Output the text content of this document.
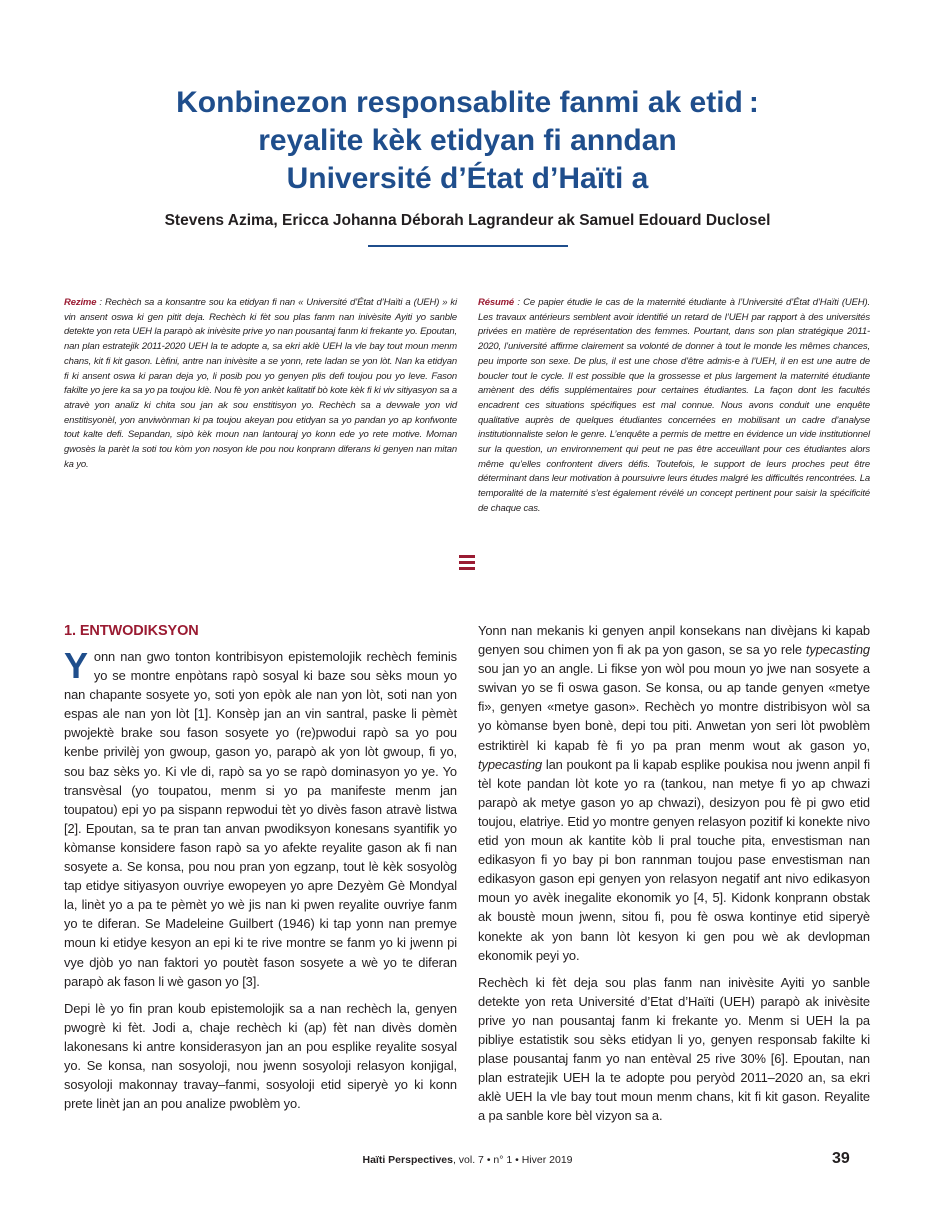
Konbinezon responsablite fanmi ak etid :
reyalite kèk etidyan fi anndan
Université d’État d’Haïti a
Stevens Azima, Ericca Johanna Déborah Lagrandeur ak Samuel Edouard Duclosel
Rezime : Rechèch sa a konsantre sou ka etidyan fi nan « Université d’État d’Haïti a (UEH) » ki vin ansent oswa ki gen pitit deja. Rechèch ki fèt sou plas fanm nan inivèsite Ayiti yo sanble detekte yon reta UEH la parapò ak inivèsite prive yo nan pousantaj fanm ki frekante yo. Epoutan, nan plan estratejik 2011-2020 UEH la te adopte a, sa ekri aklè UEH la vle bay tout moun menm chans, kit fi kit gason. Lèfini, antre nan inivèsite a se yonn, rete ladan se yon lòt. Nan ka etidyan fi ki ansent oswa ki paran deja yo, li posib pou yo genyen plis defi toujou pou yo leve. Fason fakilte yo jere ka sa yo pa toujou klè. Nou fè yon ankèt kalitatif bò kote kèk fi ki viv sitiyasyon sa a atravè yon analiz ki chita sou jan ak sou enstitisyon yo. Rechèch sa a devwale yon vid enstitisyonèl, yon anviwònman ki pa toujou akeyan pou etidyan sa yo pandan yo ap konfwonte tout kalte defi. Sepandan, sipò kèk moun nan lantouraj yo konn ede yo rete motive. Moman gwosès la parèt la soti tou kòm yon nosyon kle pou nou konprann diferans ki genyen nan mitan ka yo.
Résumé : Ce papier étudie le cas de la maternité étudiante à l’Université d’État d’Haïti (UEH). Les travaux antérieurs semblent avoir identifié un retard de l’UEH par rapport à des universités privées en matière de représentation des femmes. Pourtant, dans son plan stratégique 2011-2020, l’université affirme clairement sa volonté de donner à tout le monde les mêmes chances, peu importe son sexe. De plus, il est une chose d’être admis-e à l’UEH, il en est une autre de boucler tout le cycle. Il est possible que la grossesse et plus largement la maternité étudiante amènent des défis supplémentaires pour certaines étudiantes. La façon dont les facultés encadrent ces situations spécifiques est mal connue. Nous avons conduit une enquête qualitative auprès de quelques étudiantes concernées en mobilisant un cadre d’analyse institutionnaliste selon le genre. L’enquête a permis de mettre en évidence un vide institutionnel sur la question, un environnement qui peut ne pas être acceuillant pour ces étudiantes alors même qu’elles confrontent divers défis. Toutefois, le support de leurs proches peut être déterminant dans leur motivation à poursuivre leurs études malgré les difficultés rencontrées. La temporalité de la maternité s’est également révélé un concept pertinent pour saisir la spécificité de chaque cas.
1. ENTWODIKSYON

Yonn nan gwo tonton kontribisyon epistemolojik rechèch feminis yo se montre enpòtans rapò sosyal ki baze sou sèks moun yo nan chapante sosyete yo, soti yon epòk ale nan yon lòt, soti nan yon espas ale nan yon lòt [1]. Konsèp jan an vin santral, paske li pèmèt pwojektè brake sou fason sosyete yo (re)pwodui rapò sa yo pou kenbe privilèj yon gwoup, gason yo, parapò ak yon lòt gwoup, fi yo, sou baz sèks yo. Ki vle di, rapò sa yo se rapò dominasyon yo ye. Yo transvèsal (yo toupatou, menm si yo pa manifeste menm jan toupatou) epi yo pa sispann repwodui tèt yo divès fason atravè listwa [2]. Epoutan, sa te pran tan anvan pwodiksyon konesans syantifik yo kòmanse konsidere fason rapò sa yo afekte reyalite gason ak fi nan sosyete a. Se konsa, pou nou pran yon egzanp, tout lè kèk sosyològ tap etidye sitiyasyon ouvriye ewopeyen yo apre Dezyèm Gè Mondyal la, linèt yo a pa te pèmèt yo wè jis nan ki pwen reyalite ouvriye fanm yo te diferan. Se Madeleine Guilbert (1946) ki tap yonn nan premye moun ki etidye kesyon an epi ki te rive montre se fanm yo ki jwenn pi vye djòb yo nan faktori yo poutèt fason sosyete a wè yo te diferan parapò ak fason li wè gason yo [3].

Depi lè yo fin pran koub epistemolojik sa a nan rechèch la, genyen pwogrè ki fèt. Jodi a, chaje rechèch ki (ap) fèt nan divès domèn lakonesans ki antre konsiderasyon jan an pou esplike reyalite sosyal yo. Se konsa, nan sosyoloji, nou jwenn sosyoloji relasyon konjigal, sosyoloji makonnay travay–fanmi, sosyoloji etid siperyè yo ki konn prete linèt jan an pou analize pwoblèm yo.

Yonn nan mekanis ki genyen anpil konsekans nan divèjans ki kapab genyen sou chimen yon fi ak pa yon gason, se sa yo rele typecasting sou jan yo an angle. Li fikse yon wòl pou moun yo jwe nan sosyete a swivan yo se fi oswa gason. Se konsa, ou ap tande genyen «metye fi», genyen «metye gason». Rechèch yo montre distribisyon wòl sa yo kòmanse byen bonè, depi tou piti. Anwetan yon seri lòt pwoblèm estriktirèl ki kapab fè fi yo pa pran menm wout ak gason yo, typecasting lan poukont pa li kapab esplike poukisa nou jwenn anpil fi tèl kote pandan lòt kote yo ra (tankou, nan metye fi yo ap chwazi parapò ak metye gason yo ap chwazi), desizyon pou fè pi gwo etid toujou, elatriye. Etid yo montre genyen relasyon pozitif ki konekte nivo etid yon moun ak kantite kòb li pral touche pita, envestisman nan edikasyon fi yo bay pi bon rannman toujou pase envestisman nan edikasyon gason epi genyen yon relasyon negatif ant nivo edikasyon moun yo avèk inegalite ekonomik yo [4, 5]. Kidonk konprann obstak ak boustè moun jwenn, sitou fi, pou fè oswa kontinye etid siperyè konekte ak yon bann lòt kesyon ki gen pou wè ak devlopman ekonomik peyi yo.

Rechèch ki fèt deja sou plas fanm nan inivèsite Ayiti yo sanble detekte yon reta Université d’Etat d’Haïti (UEH) parapò ak inivèsite prive yo nan pousantaj fanm ki frekante yo. Menm si UEH la pa pibliye estatistik sou sèks etidyan li yo, genyen responsab fakilte ki plase pousantaj fanm yo nan entèval 25 rive 30% [6]. Epoutan, nan plan estratejik UEH la te adopte pou peryòd 2011–2020 an, sa ekri aklè UEH la vle bay tout moun menm chans, kit fi kit gason. Reyalite a pa sanble kore bèl vizyon sa a.

Haïti Perspectives, vol. 7 • n° 1 • Hiver 2019	39
